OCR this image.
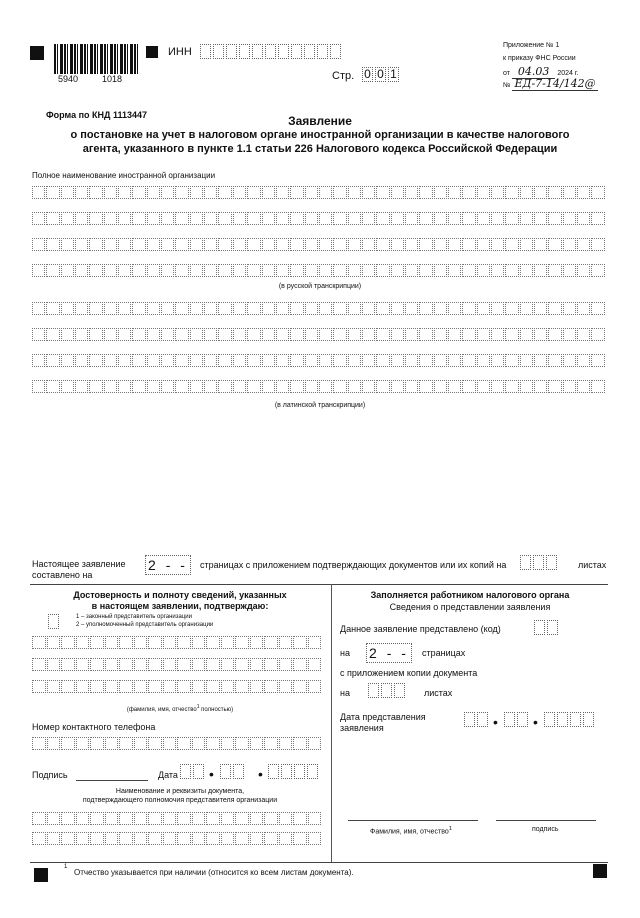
5940	1018
ИНН
Стр. 0 0 1
Приложение № 1
к приказу ФНС России
от 04.03 2024 г.
№ ЕД-7-14/142@
Форма по КНД 1113447	Заявление
о постановке на учет в налоговом органе иностранной организации в качестве налогового
агента, указанного в пункте 1.1 статьи 226 Налогового кодекса Российской Федерации
Полное наименование иностранной организации
(в русской транскрипции)
(в латинской транскрипции)
Настоящее заявление
составлено на
2 - -	страницах с приложением подтверждающих документов или их копий на	листах
Достоверность и полноту сведений, указанных
в настоящем заявлении, подтверждаю:
1 – законный представитель организации
2 – уполномоченный представитель организации
(фамилия, имя, отчество$^1$ полностью)
Номер контактного телефона
Подпись	Дата •	•
Наименование и реквизиты документа,
подтверждающего полномочия представителя организации
Заполняется работником налогового органа
Сведения о представлении заявления
Данное заявление представлено (код)
на 2 - -	страницах
с приложением копии документа
на	листах
Дата представления
заявления	•	•
Фамилия, имя, отчество$^1$	подпись
1
Отчество указывается при наличии (относится ко всем листам документа).
